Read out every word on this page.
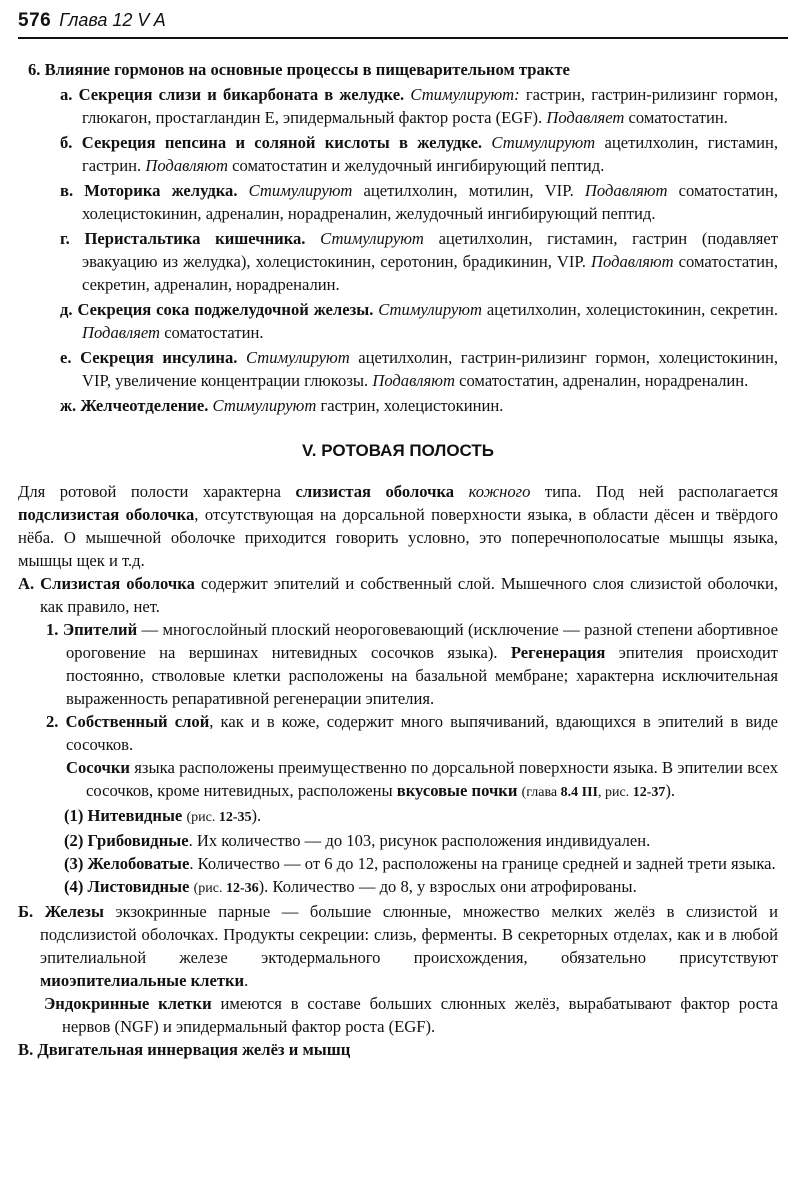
576 Глава 12 V A

6. Влияние гормонов на основные процессы в пищеварительном тракте

а. Секреция слизи и бикарбоната в желудке. Стимулируют: гастрин, гастрин-рилизинг гормон, глюкагон, простагландин E, эпидермальный фактор роста (EGF). Подавляет соматостатин.

б. Секреция пепсина и соляной кислоты в желудке. Стимулируют ацетилхолин, гистамин, гастрин. Подавляют соматостатин и желудочный ингибирующий пептид.

в. Моторика желудка. Стимулируют ацетилхолин, мотилин, VIP. Подавляют соматостатин, холецистокинин, адреналин, норадреналин, желудочный ингибирующий пептид.

г. Перистальтика кишечника. Стимулируют ацетилхолин, гистамин, гастрин (подавляет эвакуацию из желудка), холецистокинин, серотонин, брадикинин, VIP. Подавляют соматостатин, секретин, адреналин, норадреналин.

д. Секреция сока поджелудочной железы. Стимулируют ацетилхолин, холецистокинин, секретин. Подавляет соматостатин.

е. Секреция инсулина. Стимулируют ацетилхолин, гастрин-рилизинг гормон, холецистокинин, VIP, увеличение концентрации глюкозы. Подавляют соматостатин, адреналин, норадреналин.

ж. Желчеотделение. Стимулируют гастрин, холецистокинин.

V. РОТОВАЯ ПОЛОСТЬ

Для ротовой полости характерна слизистая оболочка кожного типа. Под ней располагается подслизистая оболочка, отсутствующая на дорсальной поверхности языка, в области дёсен и твёрдого нёба. О мышечной оболочке приходится говорить условно, это поперечнополосатые мышцы языка, мышцы щек и т.д.

А. Слизистая оболочка содержит эпителий и собственный слой. Мышечного слоя слизистой оболочки, как правило, нет.

1. Эпителий — многослойный плоский неороговевающий (исключение — разной степени абортивное ороговение на вершинах нитевидных сосочков языка). Регенерация эпителия происходит постоянно, стволовые клетки расположены на базальной мембране; характерна исключительная выраженность репаративной регенерации эпителия.

2. Собственный слой, как и в коже, содержит много выпячиваний, вдающихся в эпителий в виде сосочков.

Сосочки языка расположены преимущественно по дорсальной поверхности языка. В эпителии всех сосочков, кроме нитевидных, расположены вкусовые почки (глава 8.4 III, рис. 12-37).

(1) Нитевидные (рис. 12-35).

(2) Грибовидные. Их количество — до 103, рисунок расположения индивидуален.

(3) Желобоватые. Количество — от 6 до 12, расположены на границе средней и задней трети языка.

(4) Листовидные (рис. 12-36). Количество — до 8, у взрослых они атрофированы.

Б. Железы экзокринные парные — большие слюнные, множество мелких желёз в слизистой и подслизистой оболочках. Продукты секреции: слизь, ферменты. В секреторных отделах, как и в любой эпителиальной железе эктодермального происхождения, обязательно присутствуют миоэпителиальные клетки.

Эндокринные клетки имеются в составе больших слюнных желёз, вырабатывают фактор роста нервов (NGF) и эпидермальный фактор роста (EGF).

В. Двигательная иннервация желёз и мышц
